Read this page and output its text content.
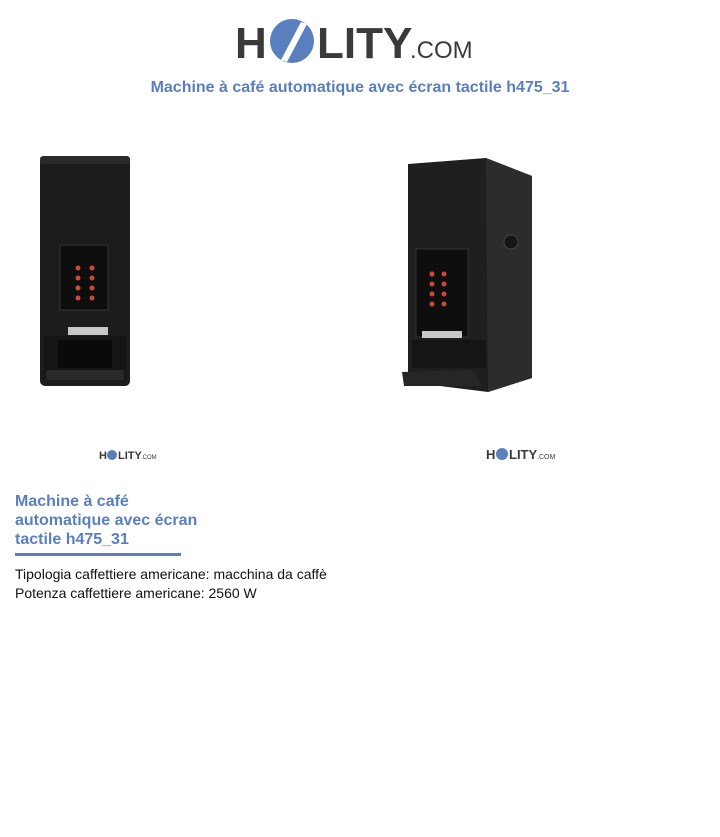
H LITY
.COM
Machine à café automatique avec écran tactile h475_31
H LITY .COM	H LITY .COM
Machine à café
automatique avec écran
tactile h475_31
Tipologia caffettiere americane: macchina da caffè
Potenza caffettiere americane: 2560 W
